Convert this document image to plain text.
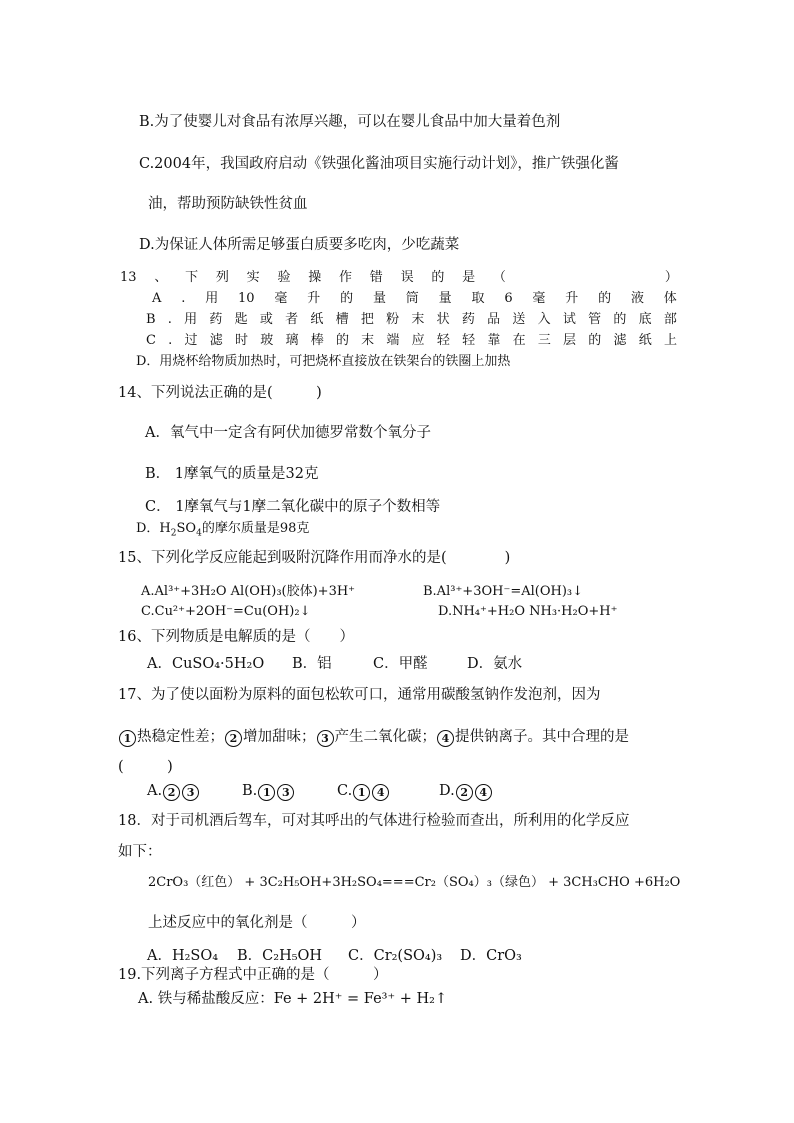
B.为了使婴儿对食品有浓厚兴趣，可以在婴儿食品中加大量着色剂
C.2004年，我国政府启动《铁强化酱油项目实施行动计划》，推广铁强化酱
油，帮助预防缺铁性贫血
D.为保证人体所需足够蛋白质要多吃肉，少吃蔬菜
13 、 下 列 实 验 操 作 错 误 的 是 （	）
A . 用 10 毫 升 的 量 筒 量 取 6 毫 升 的 液 体
B . 用 药 匙 或 者 纸 槽 把 粉 末 状 药 品 送 入 试 管 的 底 部
C . 过 滤 时 玻 璃 棒 的 末 端 应 轻 轻 靠 在 三 层 的 滤 纸 上
D．用烧杯给物质加热时，可把烧杯直接放在铁架台的铁圈上加热
14、下列说法正确的是(　　　)
A．氧气中一定含有阿伏加德罗常数个氧分子
B． 1摩氧气的质量是32克
C． 1摩氧气与1摩二氧化碳中的原子个数相等
D．$H_2SO_4$的摩尔质量是98克
15、下列化学反应能起到吸附沉降作用而净水的是(　　　　)
A.Al³⁺+3H₂O Al(OH)₃(胶体)+3H⁺	B.Al³⁺+3OH⁻=Al(OH)₃↓
C.Cu²⁺+2OH⁻=Cu(OH)₂↓	D.NH₄⁺+H₂O NH₃·H₂O+H⁺
16、下列物质是电解质的是（　　）
A．CuSO₄·5H₂O B．铝	C．甲醛	D．氨水
17、为了使以面粉为原料的面包松软可口，通常用碳酸氢钠作发泡剂，因为
1 热稳定性差； 2 增加甜味； 3 产生二氧化碳； 4 提供钠离子。其中合理的是
(　　　)
A. 2 3	B. 1 3	C. 1 4	D. 2 4
18．对于司机酒后驾车，可对其呼出的气体进行检验而查出，所利用的化学反应
如下：
2CrO₃（红色） + 3C₂H₅OH+3H₂SO₄===Cr₂（SO₄）₃（绿色） + 3CH₃CHO +6H₂O
上述反应中的氧化剂是（　　　）
A．H₂SO₄ B．C₂H₅OH C．Cr₂(SO₄)₃ D．CrO₃
19.下列离子方程式中正确的是（　　　）
A. 铁与稀盐酸反应：Fe + 2H⁺ = Fe³⁺ + H₂↑
